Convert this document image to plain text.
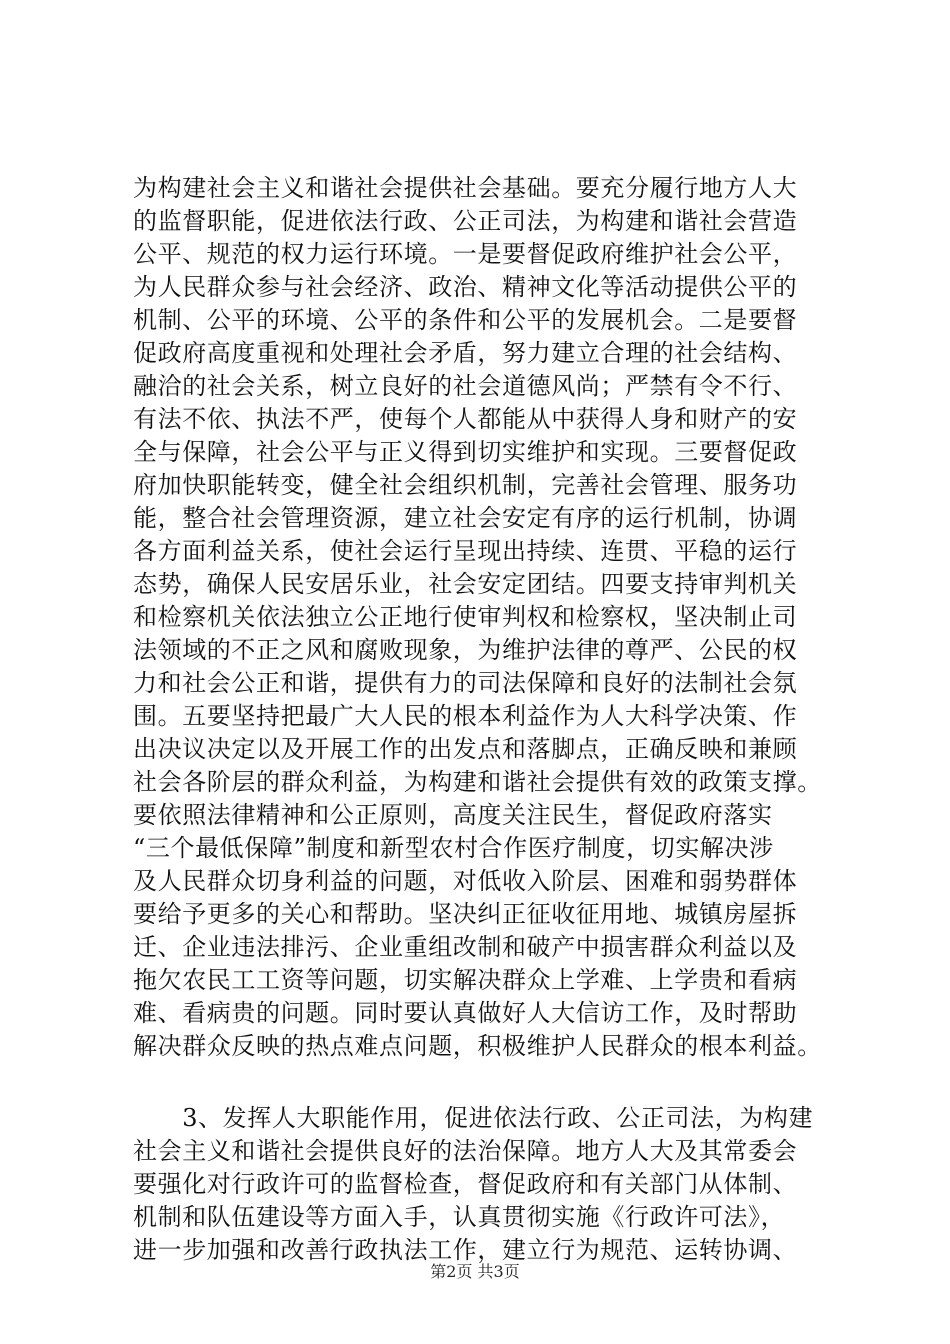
为构建社会主义和谐社会提供社会基础。要充分履行地方人大
的监督职能，促进依法行政、公正司法，为构建和谐社会营造
公平、规范的权力运行环境。一是要督促政府维护社会公平，
为人民群众参与社会经济、政治、精神文化等活动提供公平的
机制、公平的环境、公平的条件和公平的发展机会。二是要督
促政府高度重视和处理社会矛盾，努力建立合理的社会结构、
融洽的社会关系，树立良好的社会道德风尚；严禁有令不行、
有法不依、执法不严，使每个人都能从中获得人身和财产的安
全与保障，社会公平与正义得到切实维护和实现。三要督促政
府加快职能转变，健全社会组织机制，完善社会管理、服务功
能，整合社会管理资源，建立社会安定有序的运行机制，协调
各方面利益关系，使社会运行呈现出持续、连贯、平稳的运行
态势，确保人民安居乐业，社会安定团结。四要支持审判机关
和检察机关依法独立公正地行使审判权和检察权，坚决制止司
法领域的不正之风和腐败现象，为维护法律的尊严、公民的权
力和社会公正和谐，提供有力的司法保障和良好的法制社会氛
围。五要坚持把最广大人民的根本利益作为人大科学决策、作
出决议决定以及开展工作的出发点和落脚点，正确反映和兼顾
社会各阶层的群众利益，为构建和谐社会提供有效的政策支撑。
要依照法律精神和公正原则，高度关注民生，督促政府落实
“三个最低保障”制度和新型农村合作医疗制度，切实解决涉
及人民群众切身利益的问题，对低收入阶层、困难和弱势群体
要给予更多的关心和帮助。坚决纠正征收征用地、城镇房屋拆
迁、企业违法排污、企业重组改制和破产中损害群众利益以及
拖欠农民工工资等问题，切实解决群众上学难、上学贵和看病
难、看病贵的问题。同时要认真做好人大信访工作，及时帮助
解决群众反映的热点难点问题，积极维护人民群众的根本利益。
　　3、发挥人大职能作用，促进依法行政、公正司法，为构建
社会主义和谐社会提供良好的法治保障。地方人大及其常委会
要强化对行政许可的监督检查，督促政府和有关部门从体制、
机制和队伍建设等方面入手，认真贯彻实施《行政许可法》，
进一步加强和改善行政执法工作，建立行为规范、运转协调、
第2页 共3页
